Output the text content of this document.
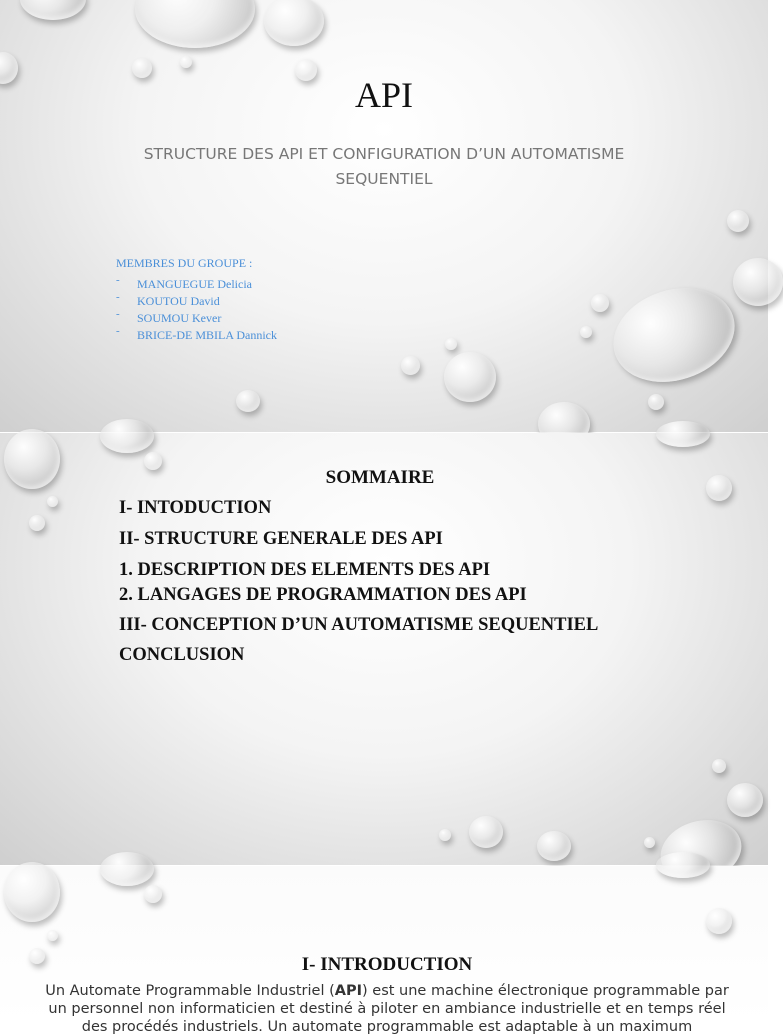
API
STRUCTURE DES API ET CONFIGURATION D’UN AUTOMATISME SEQUENTIEL
MEMBRES DU GROUPE :
- MANGUEGUE Delicia
- KOUTOU David
- SOUMOU Kever
- BRICE-DE MBILA Dannick
SOMMAIRE
I- INTODUCTION
II- STRUCTURE GENERALE DES API
1. DESCRIPTION DES ELEMENTS DES API
2. LANGAGES DE PROGRAMMATION DES API
III- CONCEPTION D’UN AUTOMATISME SEQUENTIEL
CONCLUSION
I- INTRODUCTION
Un Automate Programmable Industriel (API) est une machine électronique programmable par un personnel non informaticien et destiné à piloter en ambiance industrielle et en temps réel des procédés industriels. Un automate programmable est adaptable à un maximum
